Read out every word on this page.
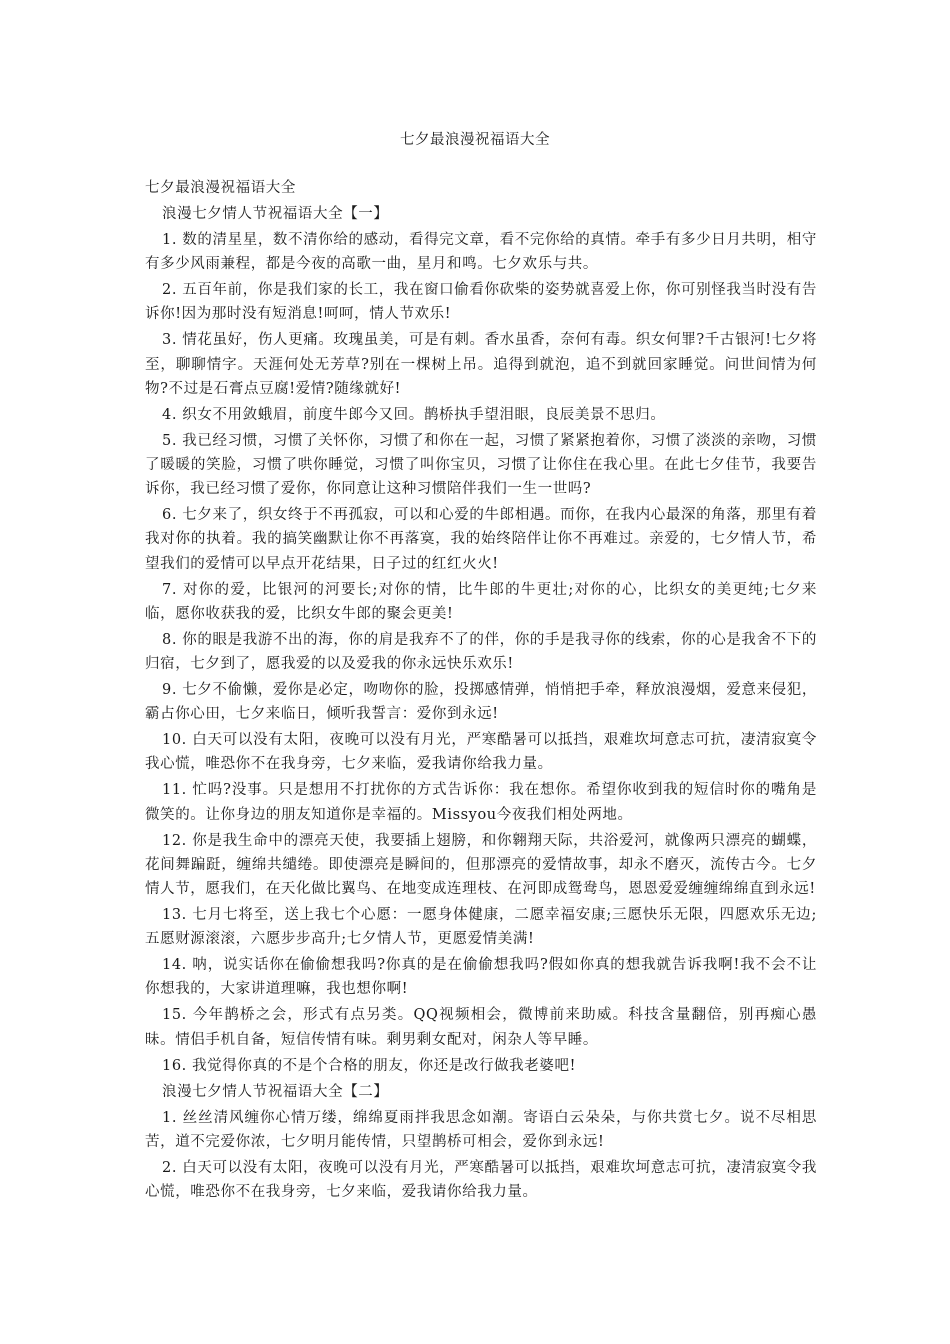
七夕最浪漫祝福语大全

七夕最浪漫祝福语大全

浪漫七夕情人节祝福语大全【一】

1. 数的清星星，数不清你给的感动，看得完文章，看不完你给的真情。牵手有多少日月共明，相守有多少风雨兼程，都是今夜的高歌一曲，星月和鸣。七夕欢乐与共。

2. 五百年前，你是我们家的长工，我在窗口偷看你砍柴的姿势就喜爱上你，你可别怪我当时没有告诉你!因为那时没有短消息!呵呵，情人节欢乐!

3. 情花虽好，伤人更痛。玫瑰虽美，可是有刺。香水虽香，奈何有毒。织女何罪?千古银河!七夕将至，聊聊情字。天涯何处无芳草?别在一棵树上吊。追得到就泡，追不到就回家睡觉。问世间情为何物?不过是石膏点豆腐!爱情?随缘就好!

4. 织女不用敛蛾眉，前度牛郎今又回。鹊桥执手望泪眼，良辰美景不思归。

5. 我已经习惯，习惯了关怀你，习惯了和你在一起，习惯了紧紧抱着你，习惯了淡淡的亲吻，习惯了暖暖的笑脸，习惯了哄你睡觉，习惯了叫你宝贝，习惯了让你住在我心里。在此七夕佳节，我要告诉你，我已经习惯了爱你，你同意让这种习惯陪伴我们一生一世吗?

6. 七夕来了，织女终于不再孤寂，可以和心爱的牛郎相遇。而你，在我内心最深的角落，那里有着我对你的执着。我的搞笑幽默让你不再落寞，我的始终陪伴让你不再难过。亲爱的，七夕情人节，希望我们的爱情可以早点开花结果，日子过的红红火火!

7. 对你的爱，比银河的河要长;对你的情，比牛郎的牛更壮;对你的心，比织女的美更纯;七夕来临，愿你收获我的爱，比织女牛郎的聚会更美!

8. 你的眼是我游不出的海，你的肩是我弃不了的伴，你的手是我寻你的线索，你的心是我舍不下的归宿，七夕到了，愿我爱的以及爱我的你永远快乐欢乐!

9. 七夕不偷懒，爱你是必定，吻吻你的脸，投掷感情弹，悄悄把手牵，释放浪漫烟，爱意来侵犯，霸占你心田，七夕来临日，倾听我誓言：爱你到永远!

10. 白天可以没有太阳，夜晚可以没有月光，严寒酷暑可以抵挡，艰难坎坷意志可抗，凄清寂寞令我心慌，唯恐你不在我身旁，七夕来临，爱我请你给我力量。

11. 忙吗?没事。只是想用不打扰你的方式告诉你：我在想你。希望你收到我的短信时你的嘴角是微笑的。让你身边的朋友知道你是幸福的。Missyou今夜我们相处两地。

12. 你是我生命中的漂亮天使，我要插上翅膀，和你翱翔天际，共浴爱河，就像两只漂亮的蝴蝶，花间舞蹁跹，缠绵共缱绻。即使漂亮是瞬间的，但那漂亮的爱情故事，却永不磨灭，流传古今。七夕情人节，愿我们，在天化做比翼鸟、在地变成连理枝、在河即成鸳鸯鸟，恩恩爱爱缠缠绵绵直到永远!

13. 七月七将至，送上我七个心愿：一愿身体健康，二愿幸福安康;三愿快乐无限，四愿欢乐无边;五愿财源滚滚，六愿步步高升;七夕情人节，更愿爱情美满!

14. 呐，说实话你在偷偷想我吗?你真的是在偷偷想我吗?假如你真的想我就告诉我啊!我不会不让你想我的，大家讲道理嘛，我也想你啊!

15. 今年鹊桥之会，形式有点另类。QQ视频相会，微博前来助威。科技含量翻倍，别再痴心愚昧。情侣手机自备，短信传情有味。剩男剩女配对，闲杂人等早睡。

16. 我觉得你真的不是个合格的朋友，你还是改行做我老婆吧!

浪漫七夕情人节祝福语大全【二】

1. 丝丝清风缠你心情万缕，绵绵夏雨拌我思念如潮。寄语白云朵朵，与你共赏七夕。说不尽相思苦，道不完爱你浓，七夕明月能传情，只望鹊桥可相会，爱你到永远!

2. 白天可以没有太阳，夜晚可以没有月光，严寒酷暑可以抵挡，艰难坎坷意志可抗，凄清寂寞令我心慌，唯恐你不在我身旁，七夕来临，爱我请你给我力量。
